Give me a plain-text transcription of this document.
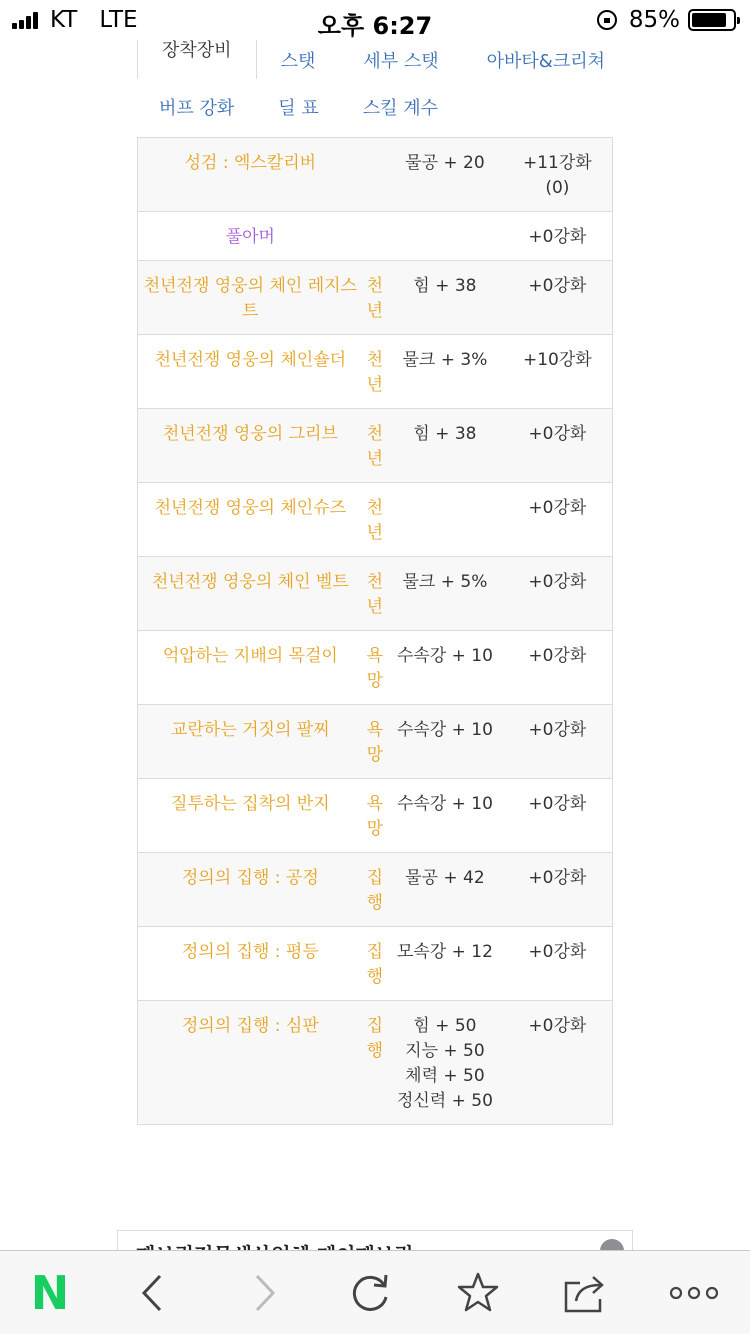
KT LTE	오후 6:27	85%
장착장비	스탯	세부 스탯	아바타&크리쳐
버프 강화	딜 표	스킬 계수
성검 : 엑스칼리버		물공 + 20	+11강화
(0)
풀아머			+0강화
천년전쟁 영웅의 체인 레지스트	천년	힘 + 38	+0강화
천년전쟁 영웅의 체인숄더	천년	물크 + 3%	+10강화
천년전쟁 영웅의 그리브	천년	힘 + 38	+0강화
천년전쟁 영웅의 체인슈즈	천년		+0강화
천년전쟁 영웅의 체인 벨트	천년	물크 + 5%	+0강화
억압하는 지배의 목걸이	욕망	수속강 + 10	+0강화
교란하는 거짓의 팔찌	욕망	수속강 + 10	+0강화
질투하는 집착의 반지	욕망	수속강 + 10	+0강화
정의의 집행 : 공정	집행	물공 + 42	+0강화
정의의 집행 : 평등	집행	모속강 + 12	+0강화
정의의 집행 : 심판	집행	힘 + 50
지능 + 50
체력 + 50
정신력 + 50	+0강화
N
